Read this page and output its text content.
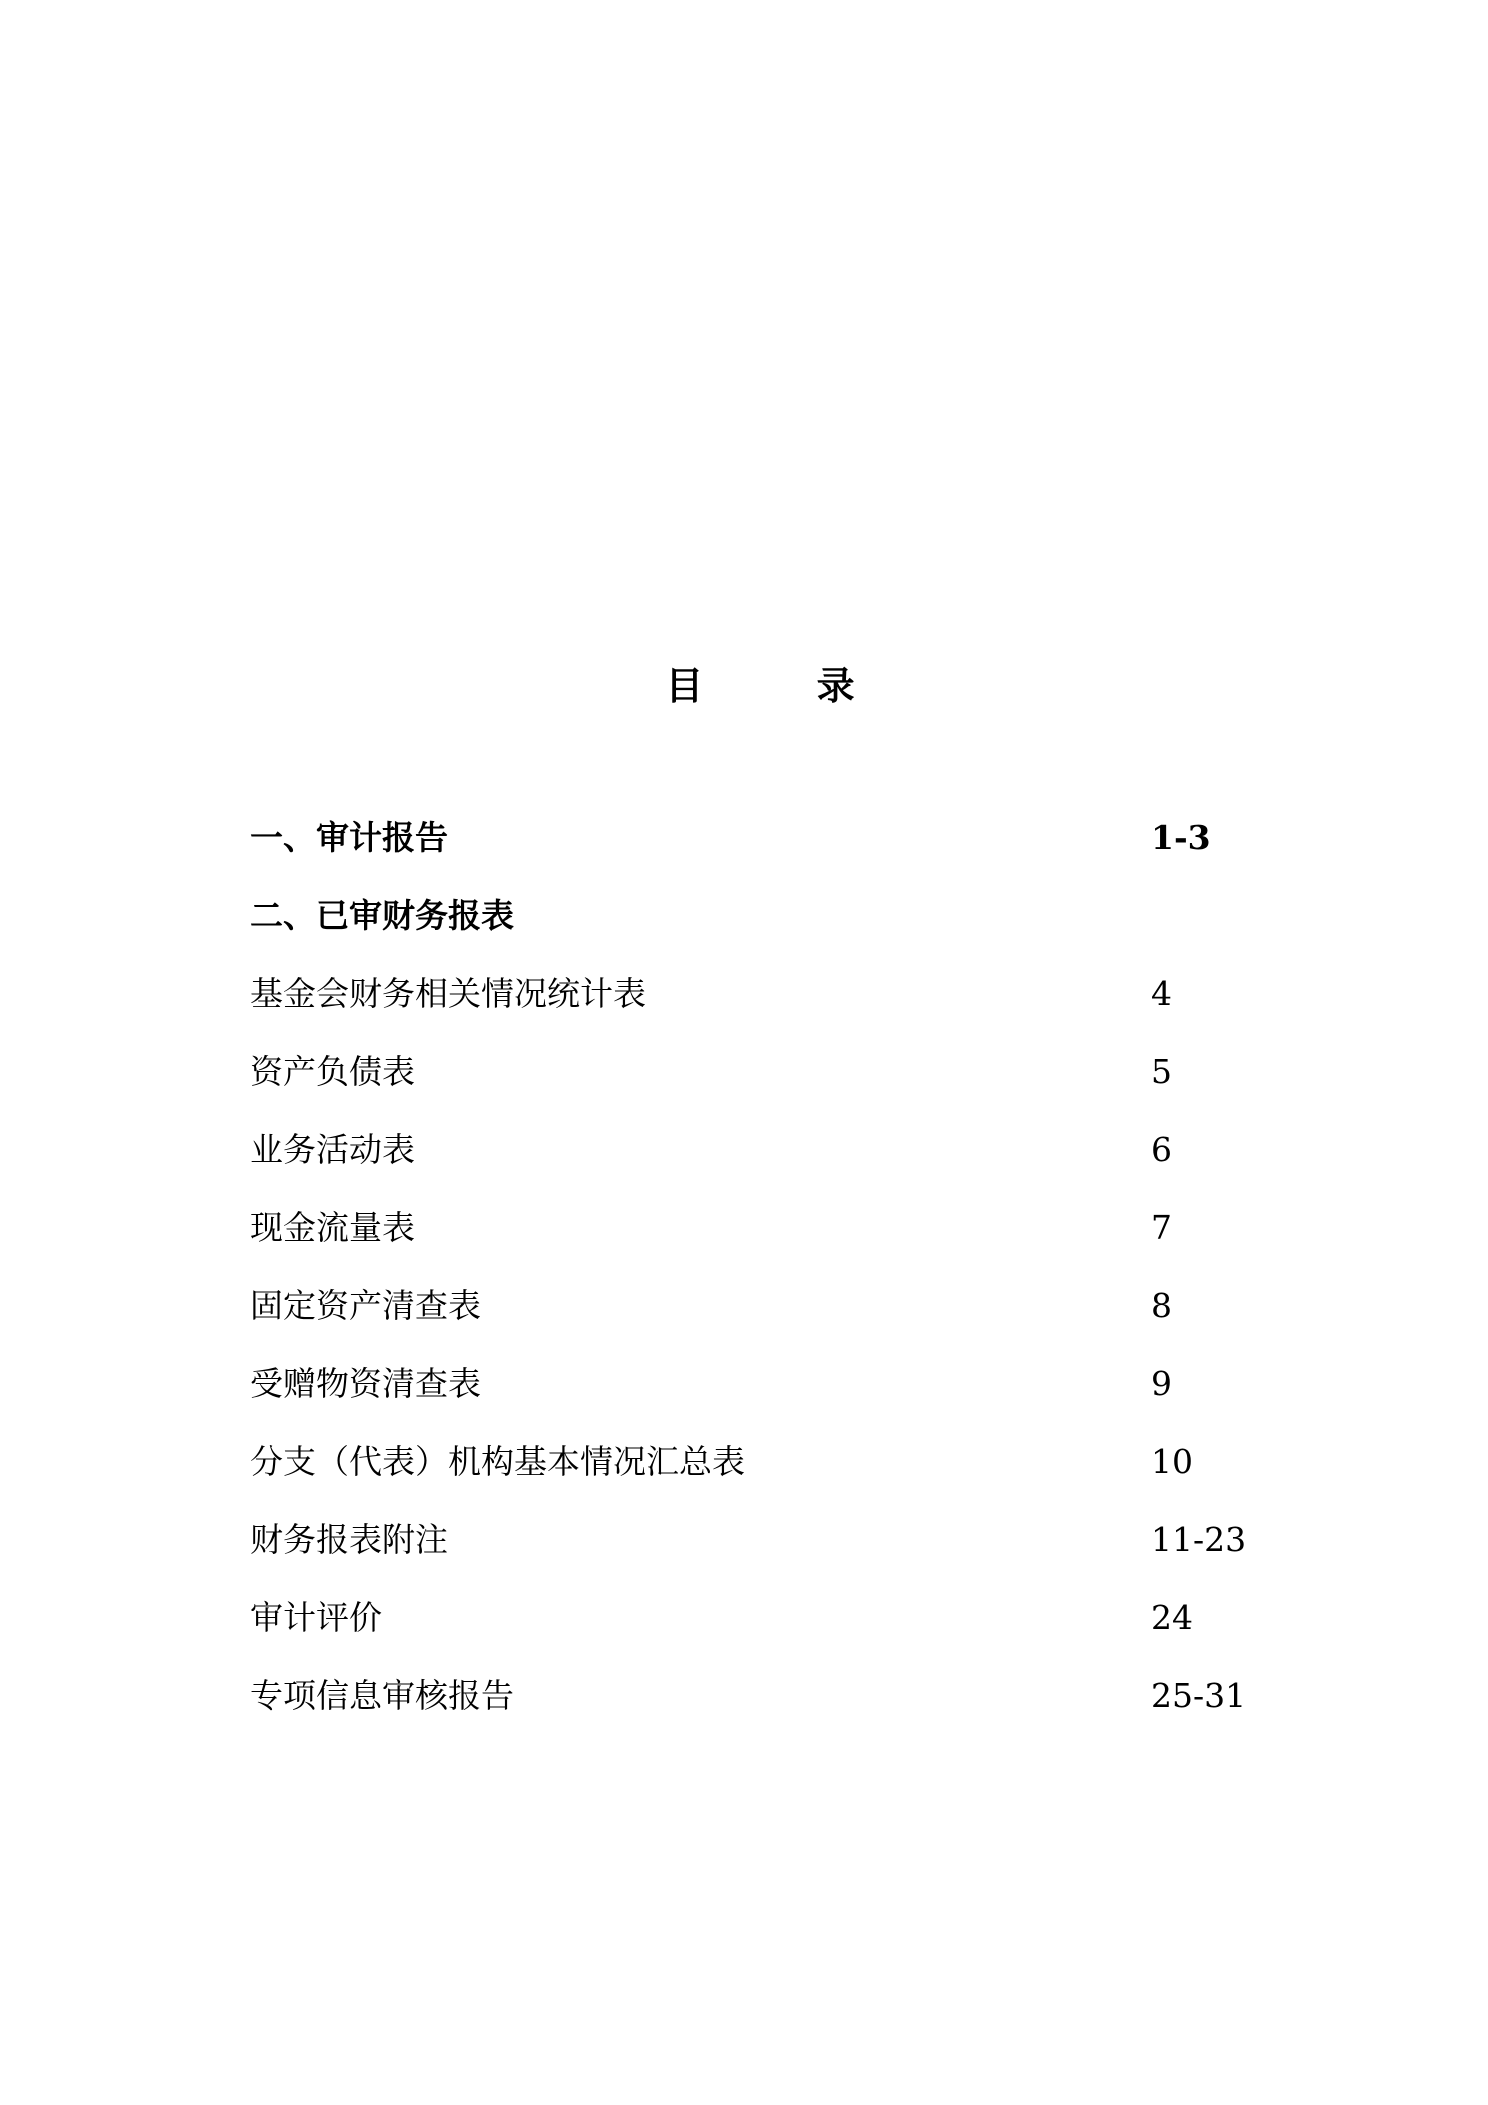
目 录
一、审计报告	1-3
二、已审财务报表
基金会财务相关情况统计表	4
资产负债表	5
业务活动表	6
现金流量表	7
固定资产清查表	8
受赠物资清查表	9
分支（代表）机构基本情况汇总表	10
财务报表附注	11-23
审计评价	24
专项信息审核报告	25-31
